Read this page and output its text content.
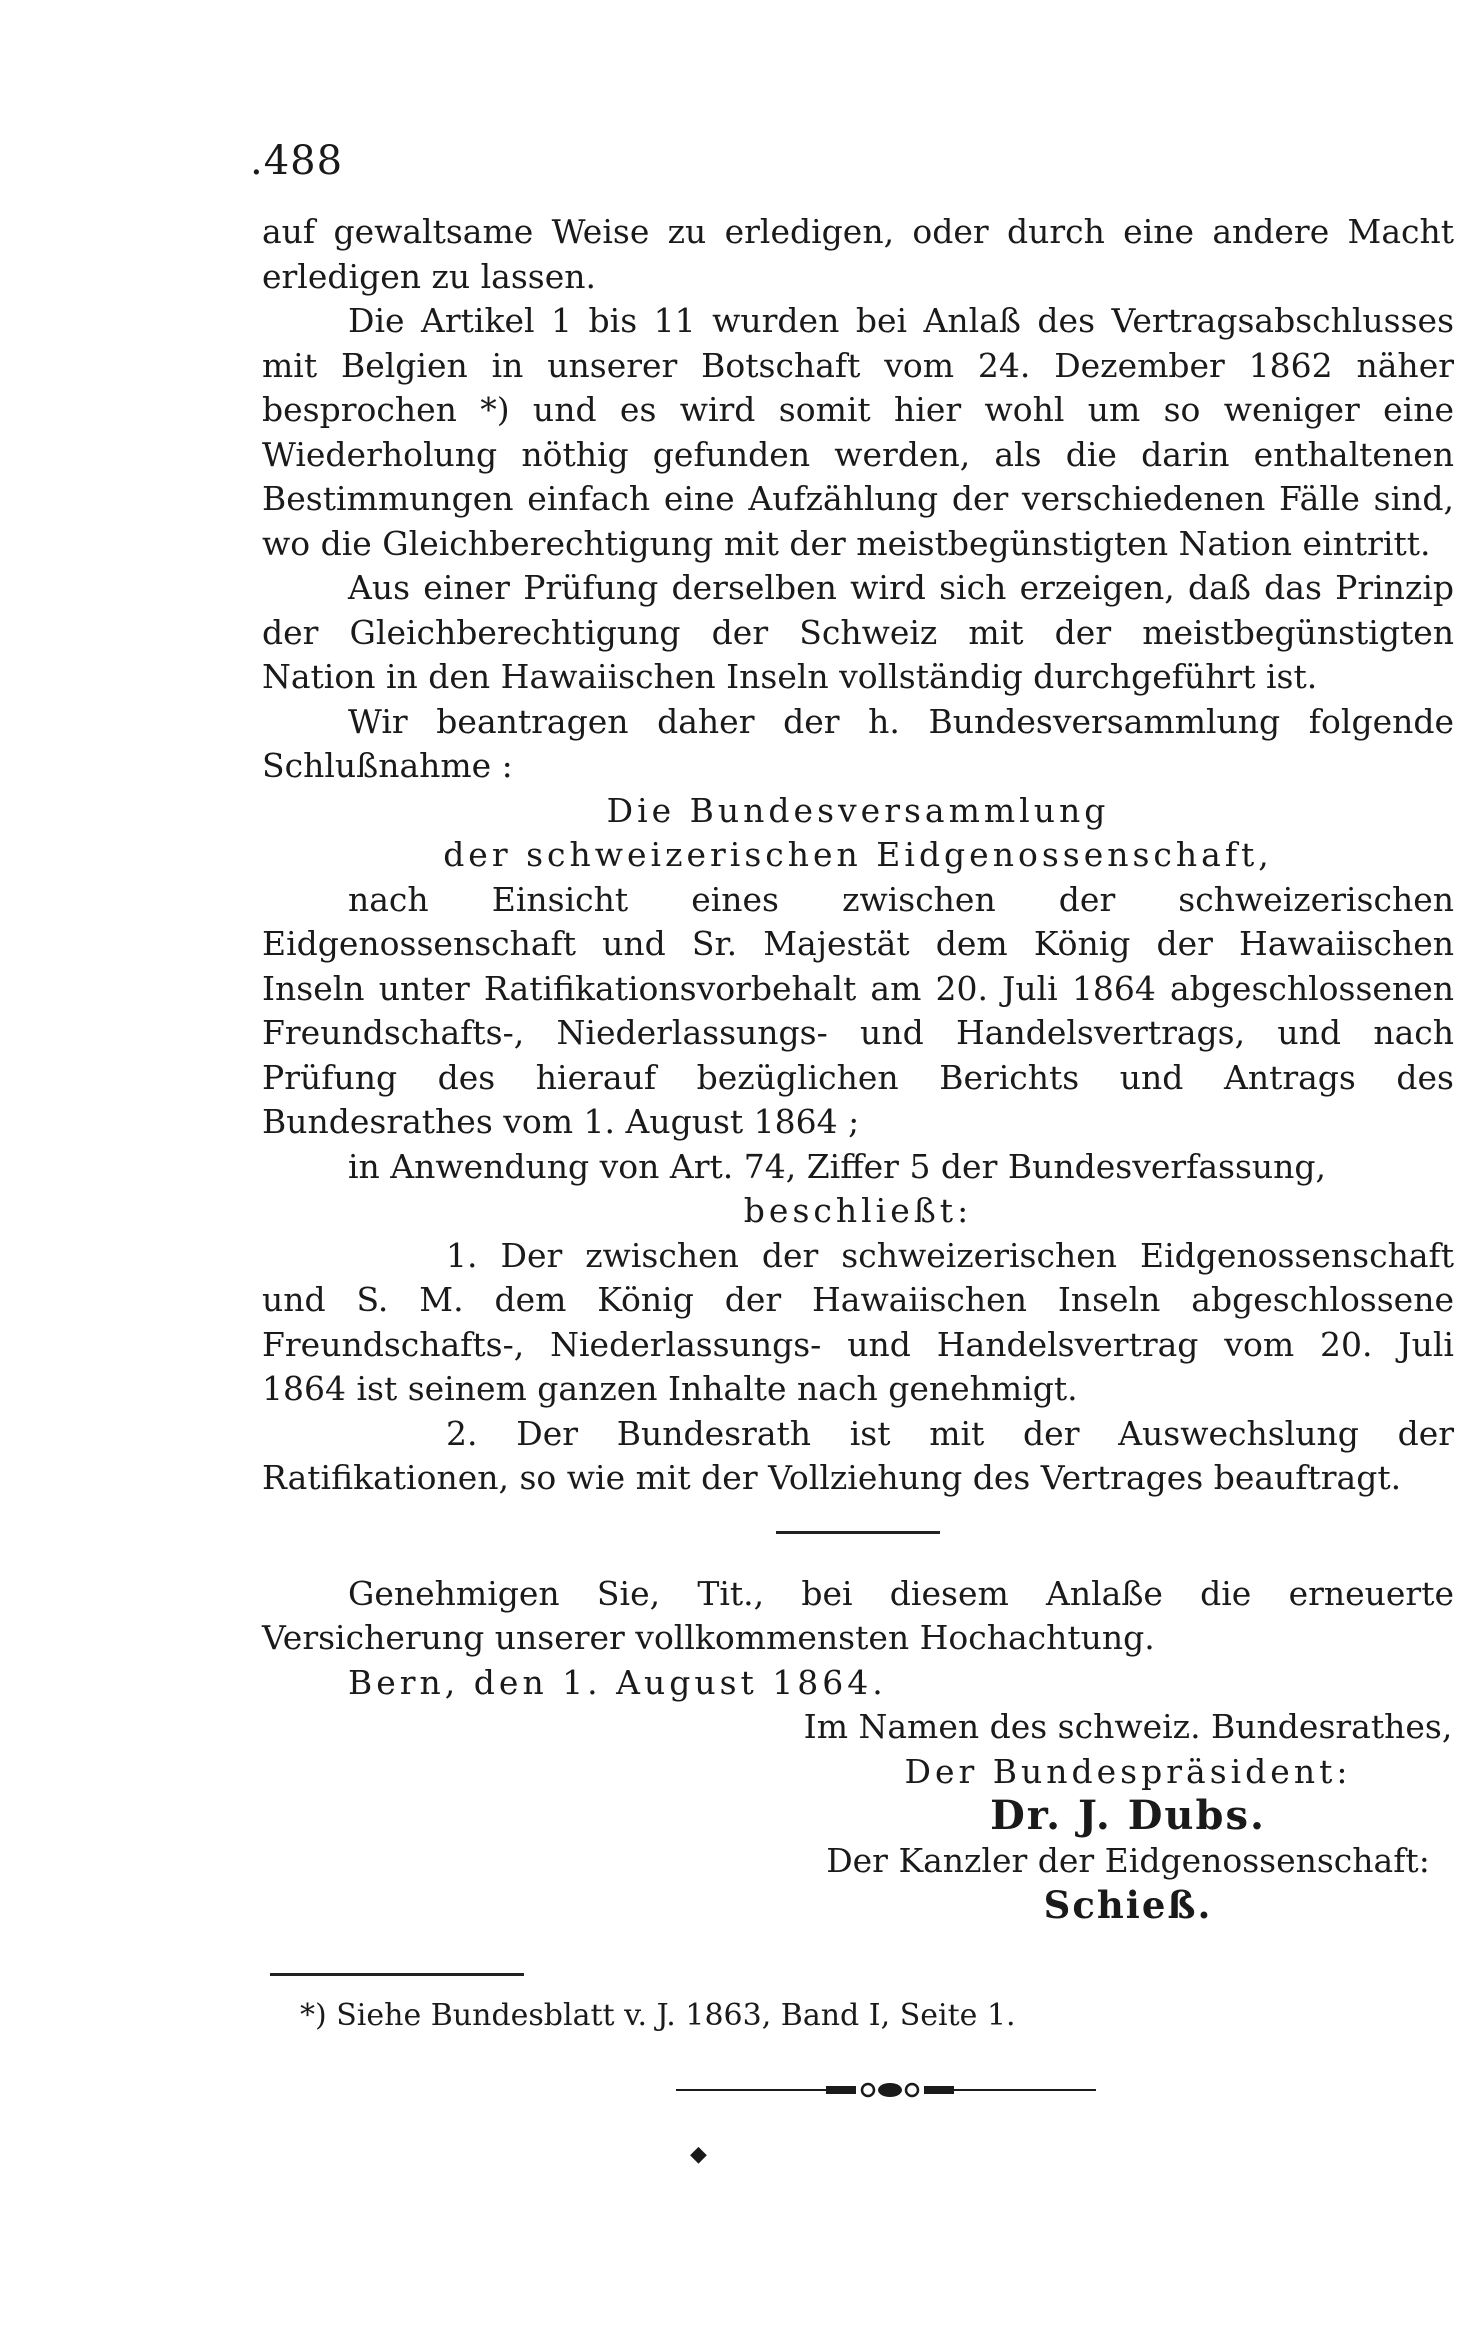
.488

auf gewaltsame Weise zu erledigen, oder durch eine andere Macht erledigen zu lassen.

Die Artikel 1 bis 11 wurden bei Anlaß des Vertragsabschlusses mit Belgien in unserer Botschaft vom 24. Dezember 1862 näher besprochen *) und es wird somit hier wohl um so weniger eine Wiederholung nöthig gefunden werden, als die darin enthaltenen Bestimmungen einfach eine Aufzählung der verschiedenen Fälle sind, wo die Gleichberechtigung mit der meistbegünstigten Nation eintritt.

Aus einer Prüfung derselben wird sich erzeigen, daß das Prinzip der Gleichberechtigung der Schweiz mit der meistbegünstigten Nation in den Hawaiischen Inseln vollständig durchgeführt ist.

Wir beantragen daher der h. Bundesversammlung folgende Schlußnahme :

Die Bundesversammlung

der schweizerischen Eidgenossenschaft,

nach Einsicht eines zwischen der schweizerischen Eidgenossenschaft und Sr. Majestät dem König der Hawaiischen Inseln unter Ratifikationsvorbehalt am 20. Juli 1864 abgeschlossenen Freundschafts-, Niederlassungs- und Handelsvertrags, und nach Prüfung des hierauf bezüglichen Berichts und Antrags des Bundesrathes vom 1. August 1864 ;

in Anwendung von Art. 74, Ziffer 5 der Bundesverfassung,

beschließt:

1. Der zwischen der schweizerischen Eidgenossenschaft und S. M. dem König der Hawaiischen Inseln abgeschlossene Freundschafts-, Niederlassungs- und Handelsvertrag vom 20. Juli 1864 ist seinem ganzen Inhalte nach genehmigt.

2. Der Bundesrath ist mit der Auswechslung der Ratifikationen, so wie mit der Vollziehung des Vertrages beauftragt.

Genehmigen Sie, Tit., bei diesem Anlaße die erneuerte Versicherung unserer vollkommensten Hochachtung.

Bern, den 1. August 1864.

Im Namen des schweiz. Bundesrathes,

Der Bundespräsident:

Dr. J. Dubs.

Der Kanzler der Eidgenossenschaft:

Schieß.

*) Siehe Bundesblatt v. J. 1863, Band I, Seite 1.
◆
